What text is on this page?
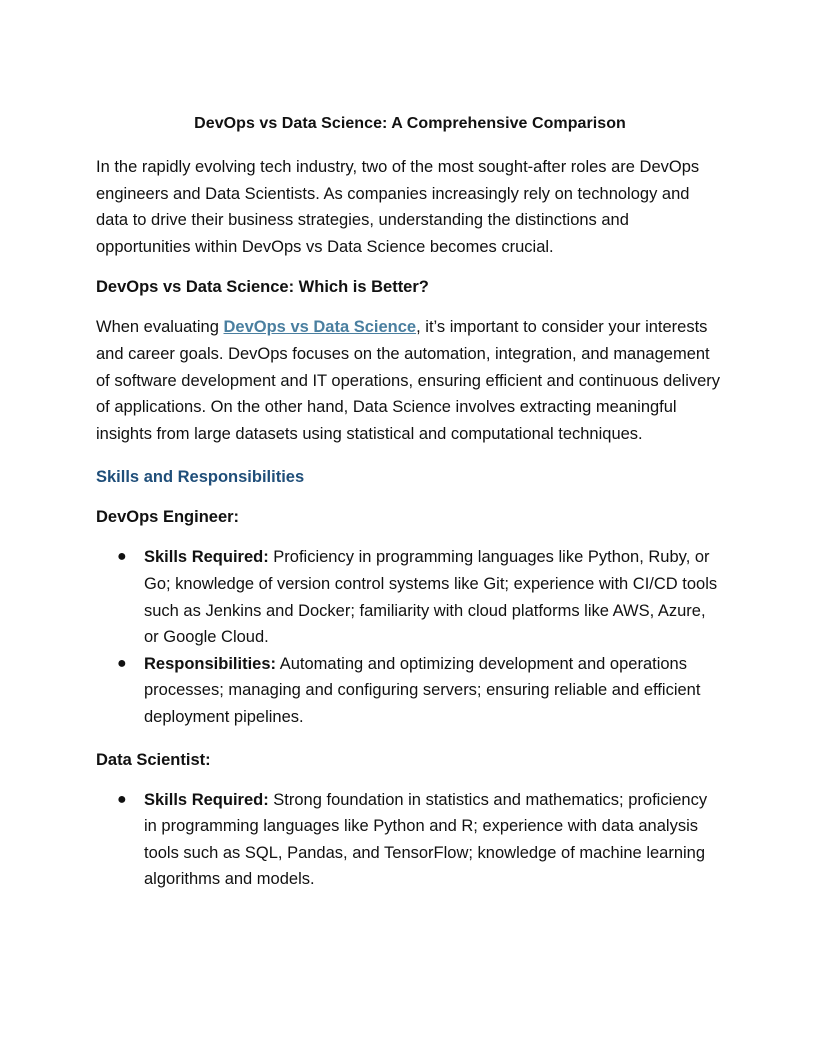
DevOps vs Data Science: A Comprehensive Comparison

In the rapidly evolving tech industry, two of the most sought-after roles are DevOps engineers and Data Scientists. As companies increasingly rely on technology and data to drive their business strategies, understanding the distinctions and opportunities within DevOps vs Data Science becomes crucial.

DevOps vs Data Science: Which is Better?

When evaluating DevOps vs Data Science, it’s important to consider your interests and career goals. DevOps focuses on the automation, integration, and management of software development and IT operations, ensuring efficient and continuous delivery of applications. On the other hand, Data Science involves extracting meaningful insights from large datasets using statistical and computational techniques.

Skills and Responsibilities
DevOps Engineer:
● Skills Required: Proficiency in programming languages like Python, Ruby, or Go; knowledge of version control systems like Git; experience with CI/CD tools such as Jenkins and Docker; familiarity with cloud platforms like AWS, Azure, or Google Cloud.
● Responsibilities: Automating and optimizing development and operations processes; managing and configuring servers; ensuring reliable and efficient deployment pipelines.
Data Scientist:
● Skills Required: Strong foundation in statistics and mathematics; proficiency in programming languages like Python and R; experience with data analysis tools such as SQL, Pandas, and TensorFlow; knowledge of machine learning algorithms and models.
